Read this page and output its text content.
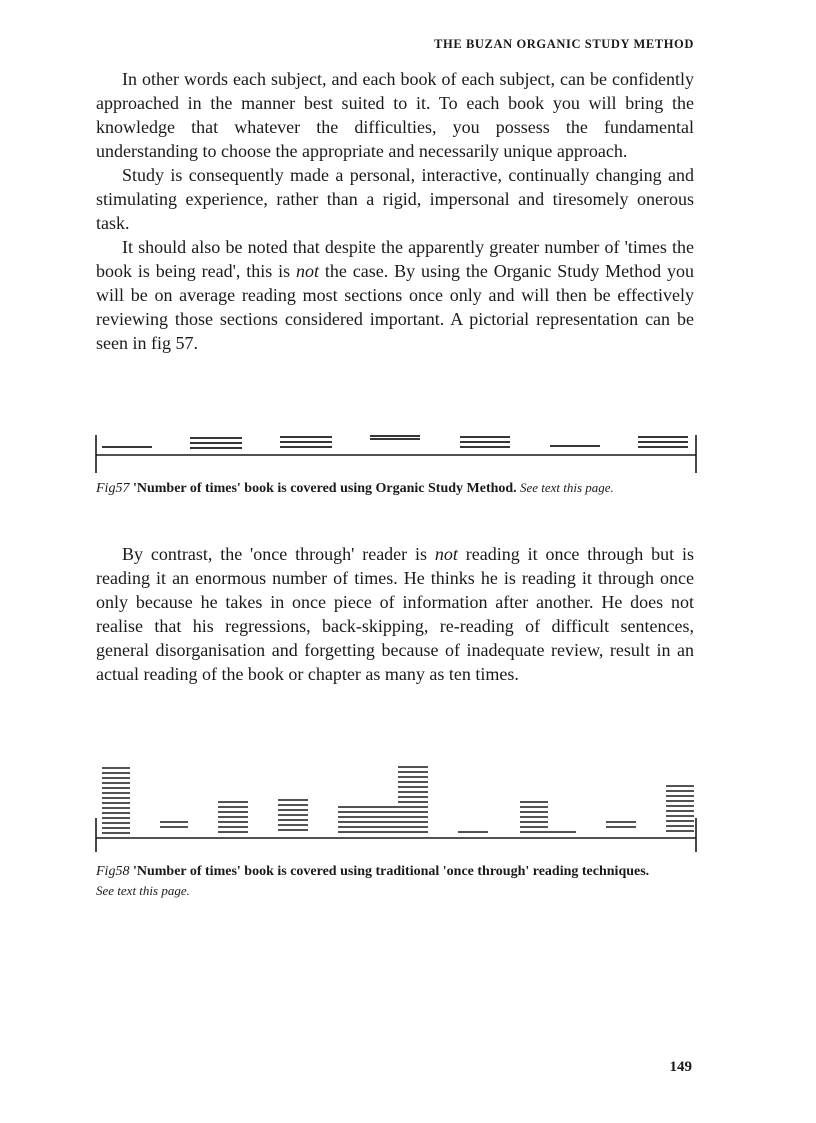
THE BUZAN ORGANIC STUDY METHOD

In other words each subject, and each book of each subject, can be confidently approached in the manner best suited to it. To each book you will bring the knowledge that whatever the difficulties, you possess the fundamental understanding to choose the appropriate and necessarily unique approach.

Study is consequently made a personal, interactive, continually changing and stimulating experience, rather than a rigid, impersonal and tiresomely onerous task.

It should also be noted that despite the apparently greater number of 'times the book is being read', this is not the case. By using the Organic Study Method you will be on average reading most sections once only and will then be effectively reviewing those sections considered important. A pictorial representation can be seen in fig 57.

Fig57 'Number of times' book is covered using Organic Study Method. See text this page.

By contrast, the 'once through' reader is not reading it once through but is reading it an enormous number of times. He thinks he is reading it through once only because he takes in once piece of information after another. He does not realise that his regressions, back-skipping, re-reading of difficult sentences, general disorganisation and forgetting because of inadequate review, result in an actual reading of the book or chapter as many as ten times.

Fig58 'Number of times' book is covered using traditional 'once through' reading techniques. See text this page.
149
